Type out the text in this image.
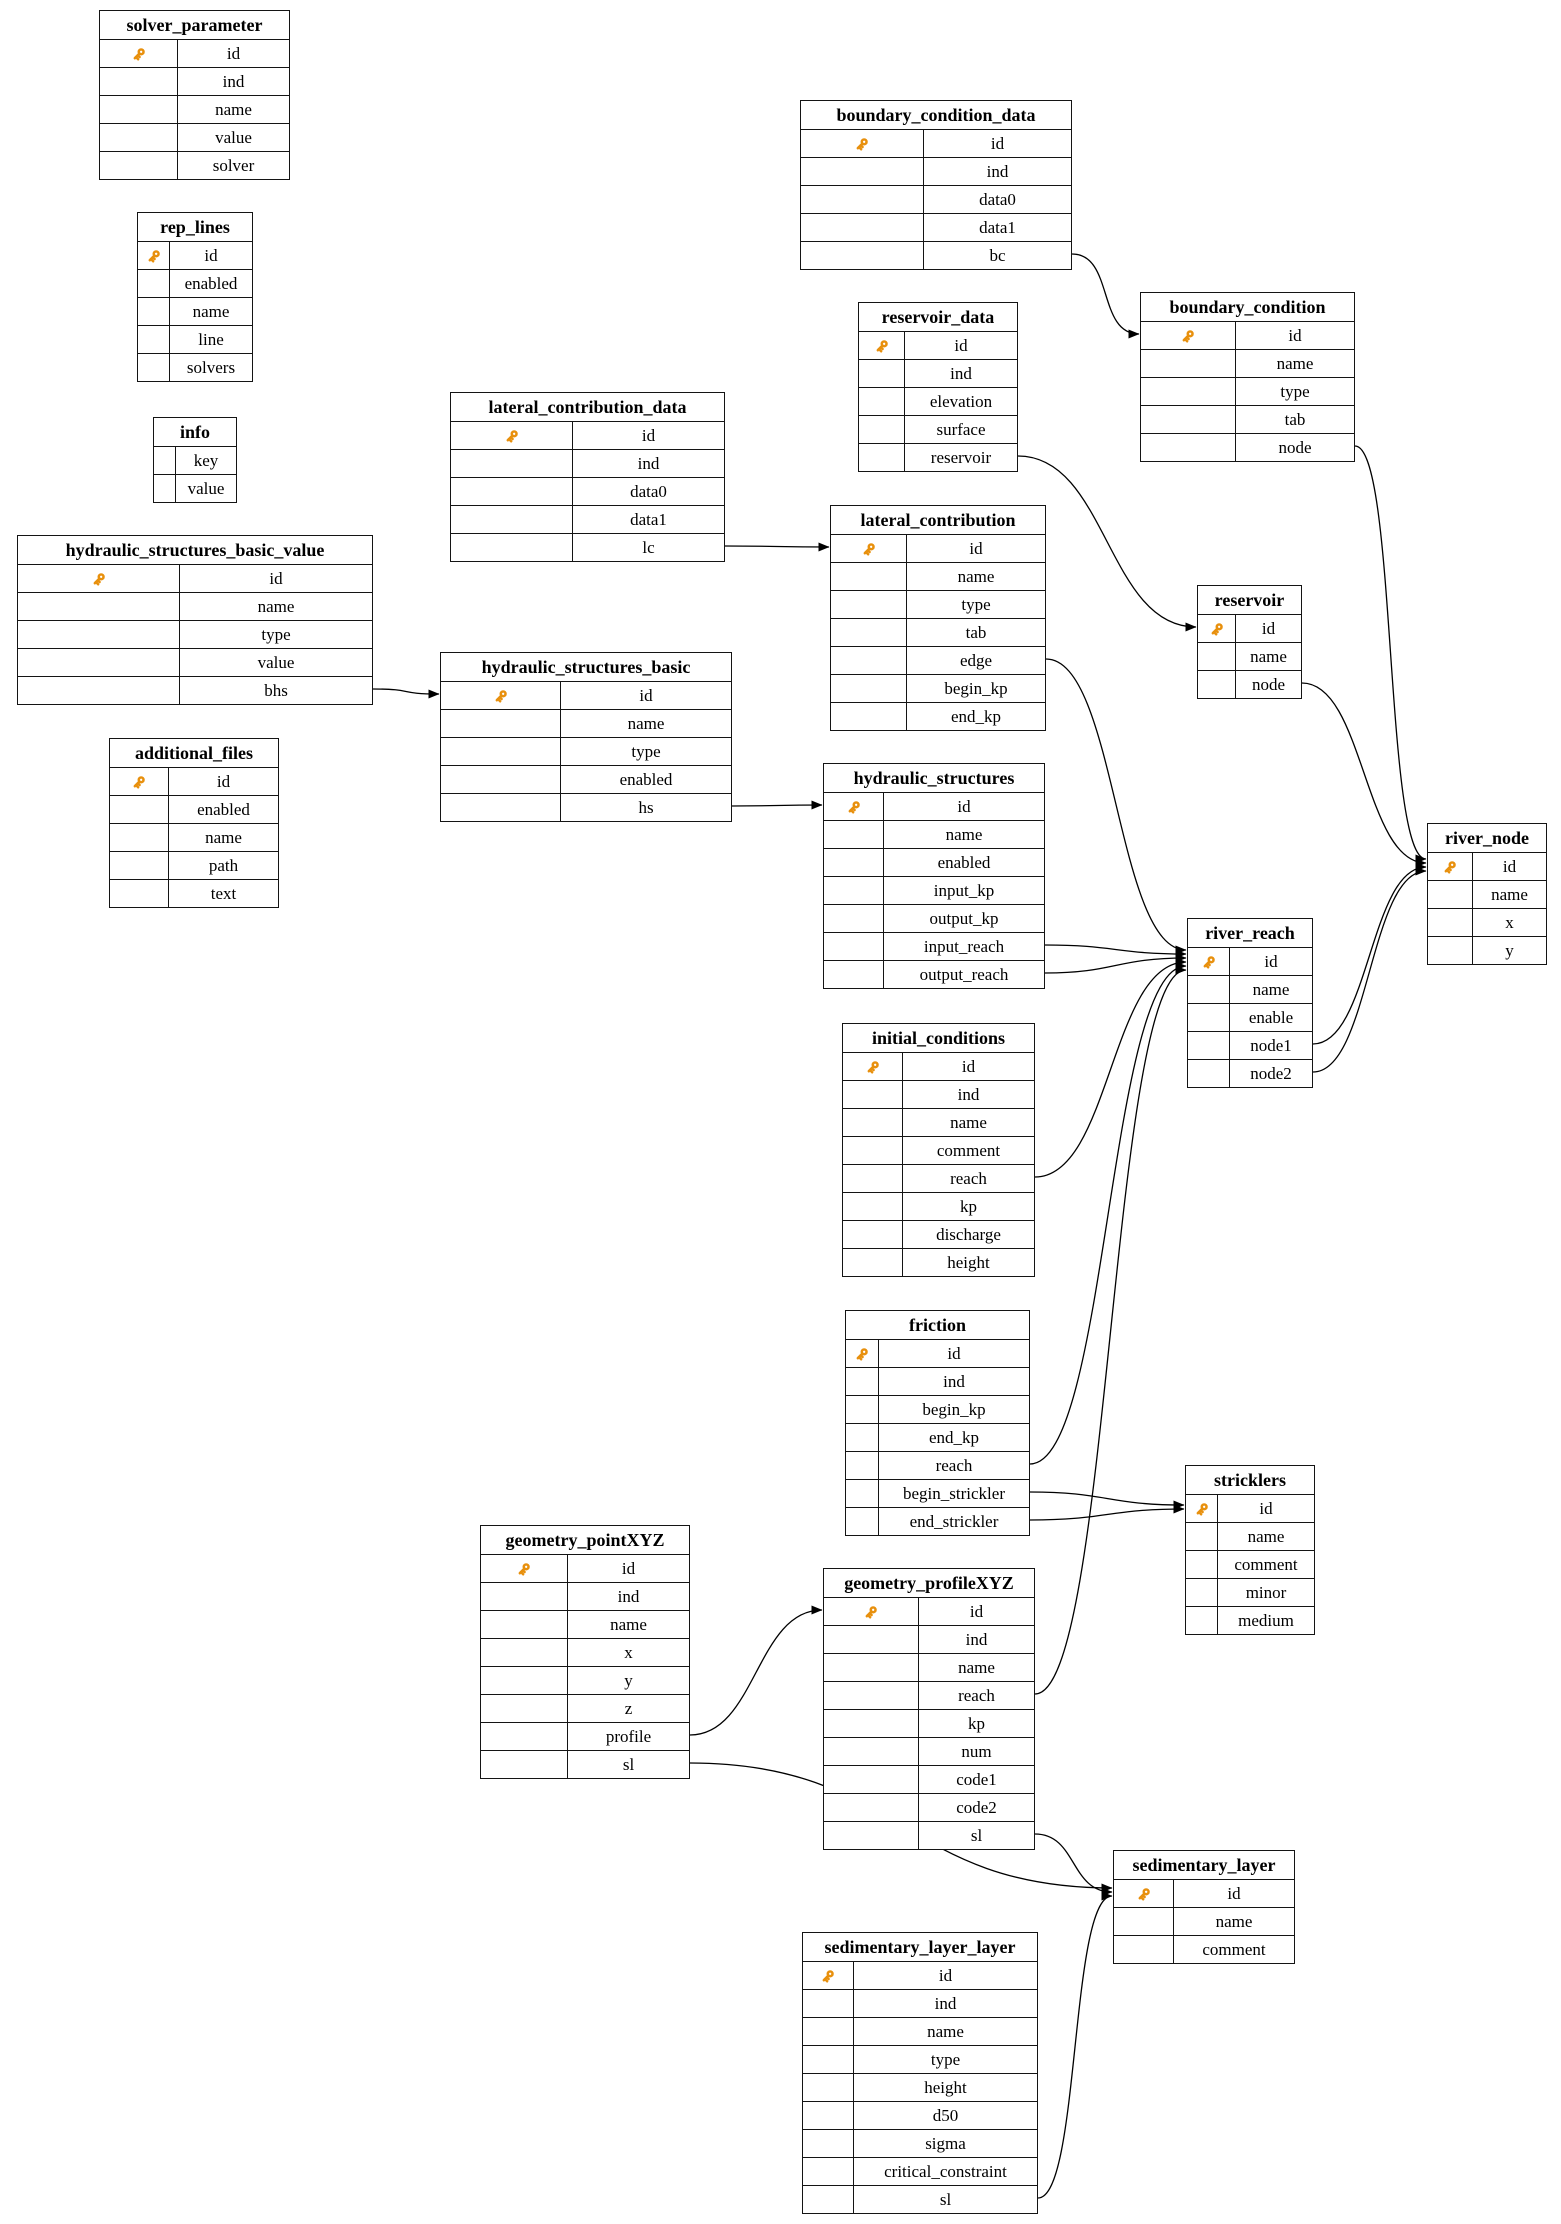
solver_parameter
id
ind
name
value
solver
rep_lines
id
enabled
name
line
solvers
info
key
value
hydraulic_structures_basic_value
id
name
type
value
bhs
additional_files
id
enabled
name
path
text
lateral_contribution_data
id
ind
data0
data1
lc
hydraulic_structures_basic
id
name
type
enabled
hs
boundary_condition_data
id
ind
data0
data1
bc
reservoir_data
id
ind
elevation
surface
reservoir
lateral_contribution
id
name
type
tab
edge
begin_kp
end_kp
hydraulic_structures
id
name
enabled
input_kp
output_kp
input_reach
output_reach
initial_conditions
id
ind
name
comment
reach
kp
discharge
height
friction
id
ind
begin_kp
end_kp
reach
begin_strickler
end_strickler
geometry_pointXYZ
id
ind
name
x
y
z
profile
sl
geometry_profileXYZ
id
ind
name
reach
kp
num
code1
code2
sl
boundary_condition
id
name
type
tab
node
reservoir
id
name
node
river_reach
id
name
enable
node1
node2
river_node
id
name
x
y
stricklers
id
name
comment
minor
medium
sedimentary_layer
id
name
comment
sedimentary_layer_layer
id
ind
name
type
height
d50
sigma
critical_constraint
sl
